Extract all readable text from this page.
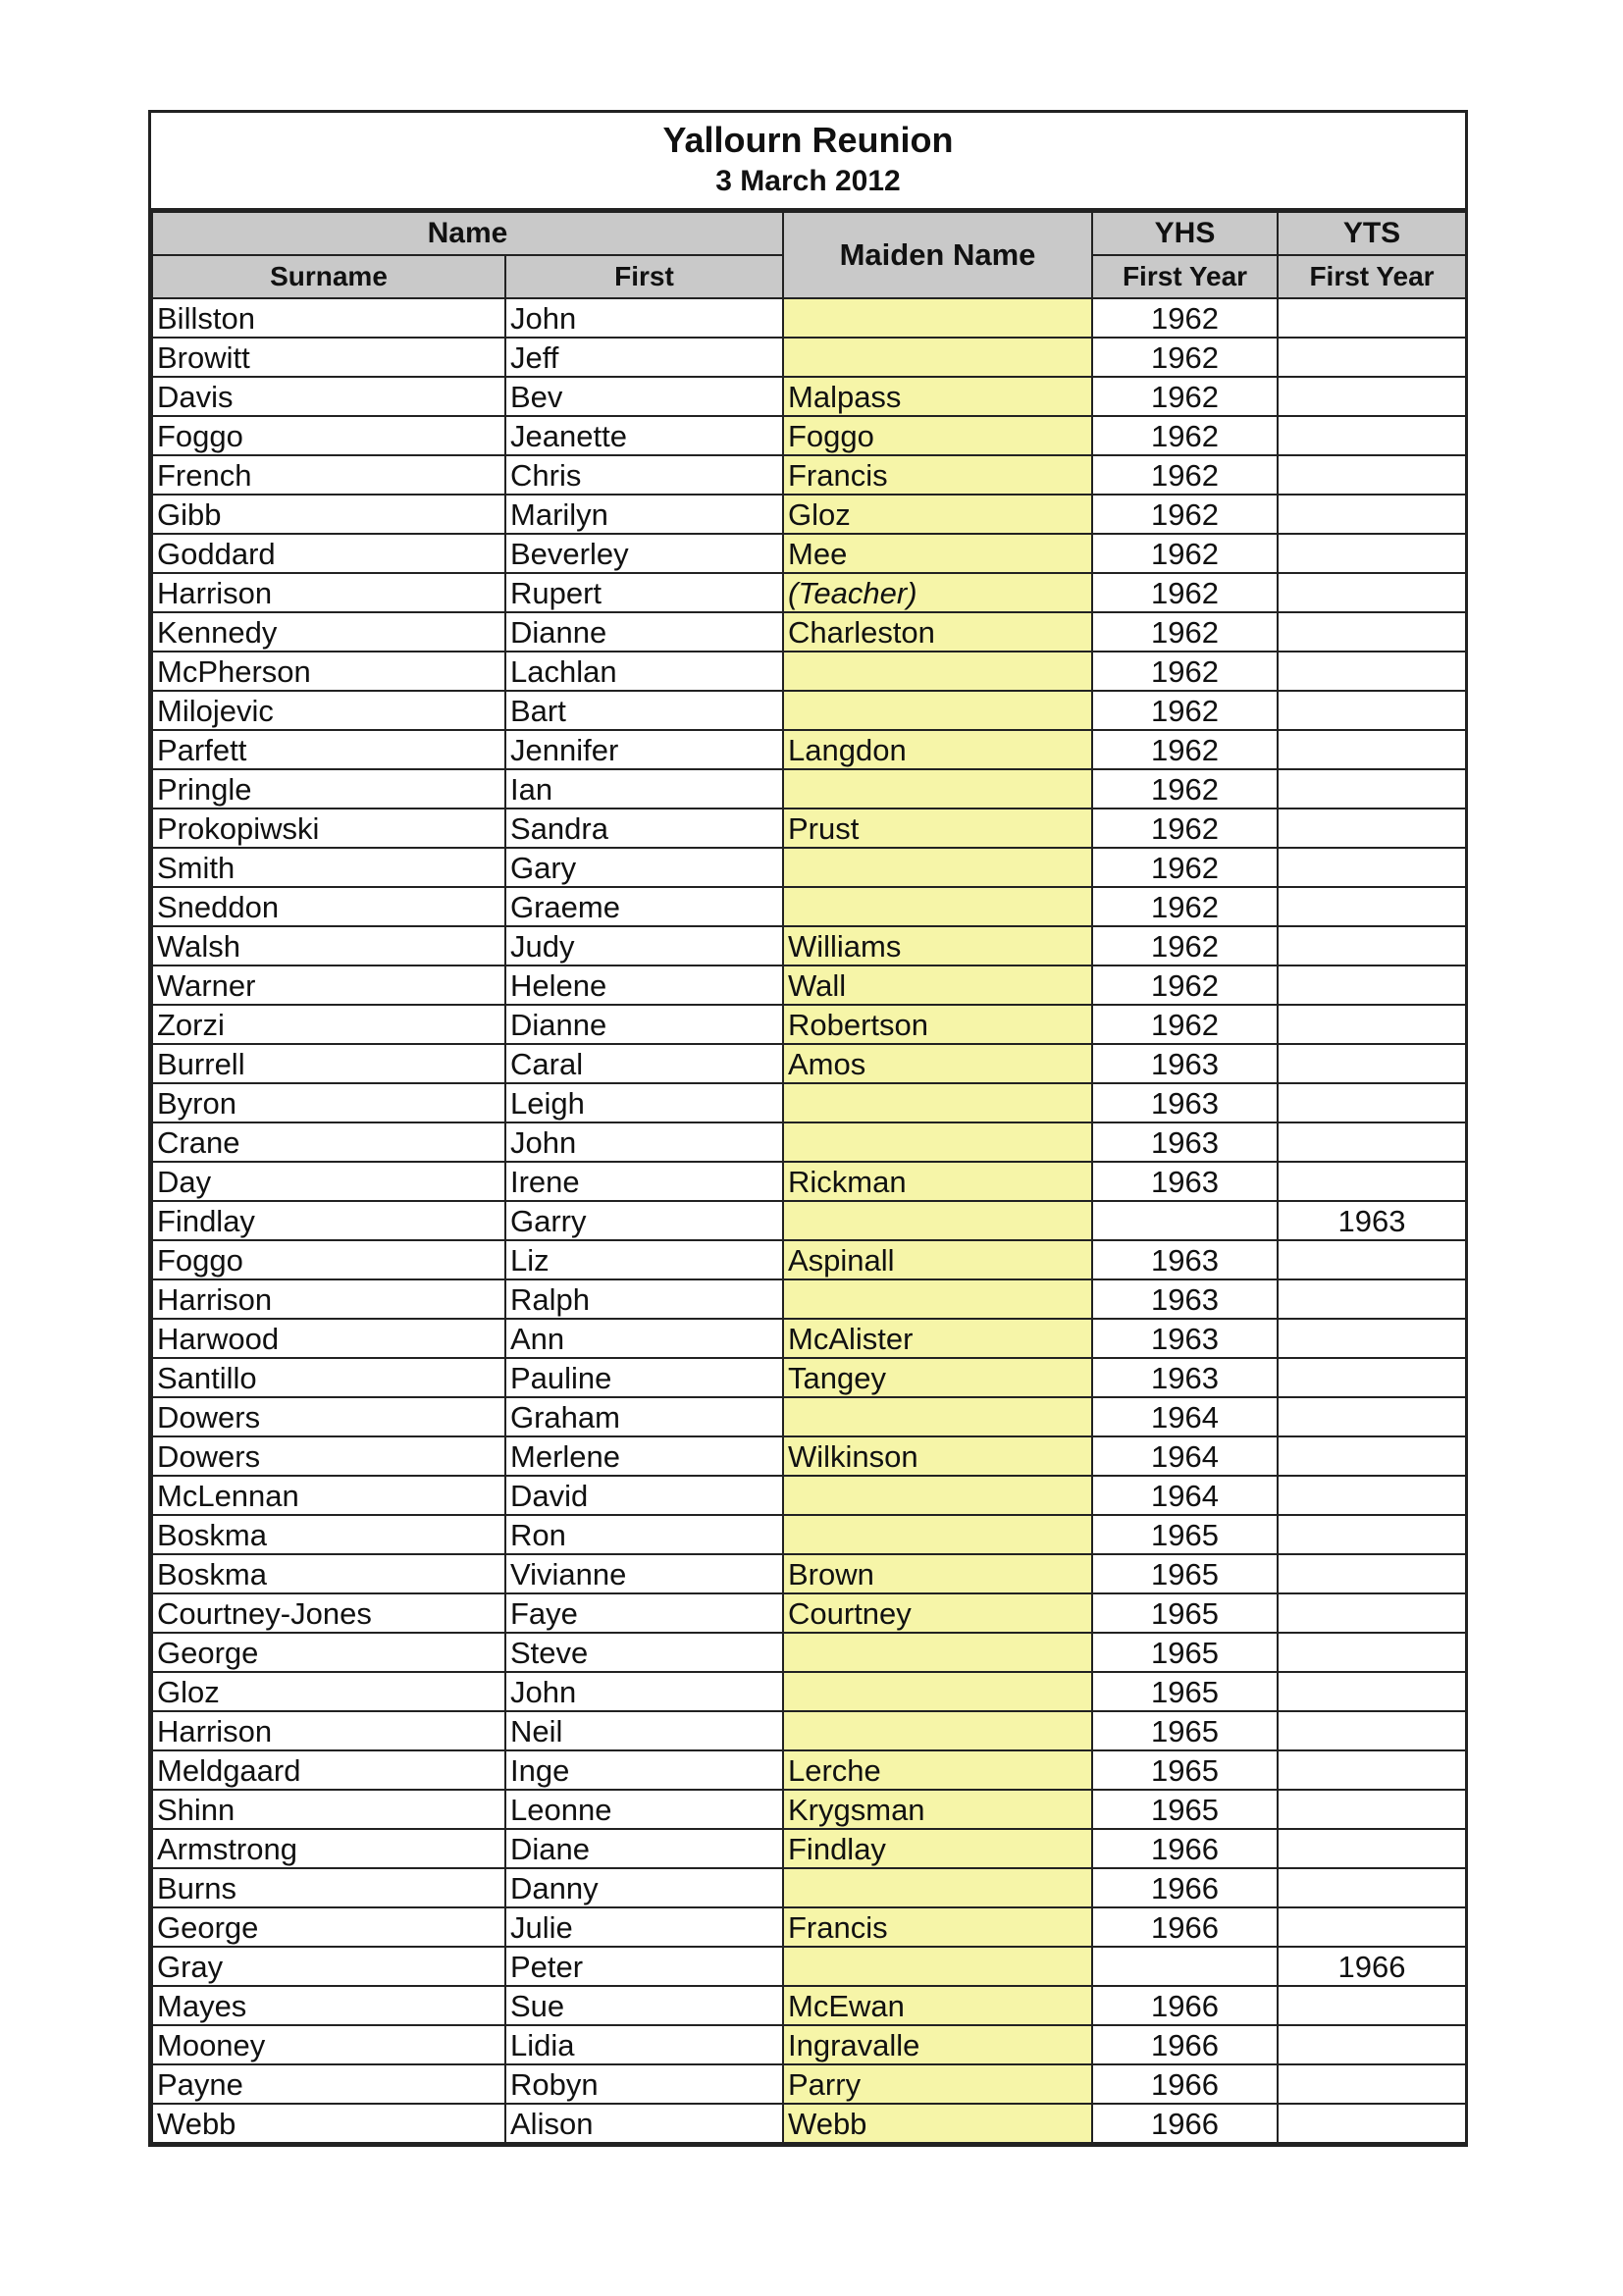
Yallourn Reunion
3 March 2012
Name		Maiden Name	YHS	YTS
Surname	First		First Year	First Year
Billston	John		1962	
Browitt	Jeff		1962	
Davis	Bev	Malpass	1962	
Foggo	Jeanette	Foggo	1962	
French	Chris	Francis	1962	
Gibb	Marilyn	Gloz	1962	
Goddard	Beverley	Mee	1962	
Harrison	Rupert	(Teacher)	1962	
Kennedy	Dianne	Charleston	1962	
McPherson	Lachlan		1962	
Milojevic	Bart		1962	
Parfett	Jennifer	Langdon	1962	
Pringle	Ian		1962	
Prokopiwski	Sandra	Prust	1962	
Smith	Gary		1962	
Sneddon	Graeme		1962	
Walsh	Judy	Williams	1962	
Warner	Helene	Wall	1962	
Zorzi	Dianne	Robertson	1962	
Burrell	Caral	Amos	1963	
Byron	Leigh		1963	
Crane	John		1963	
Day	Irene	Rickman	1963	
Findlay	Garry			1963
Foggo	Liz	Aspinall	1963	
Harrison	Ralph		1963	
Harwood	Ann	McAlister	1963	
Santillo	Pauline	Tangey	1963	
Dowers	Graham		1964	
Dowers	Merlene	Wilkinson	1964	
McLennan	David		1964	
Boskma	Ron		1965	
Boskma	Vivianne	Brown	1965	
Courtney-Jones	Faye	Courtney	1965	
George	Steve		1965	
Gloz	John		1965	
Harrison	Neil		1965	
Meldgaard	Inge	Lerche	1965	
Shinn	Leonne	Krygsman	1965	
Armstrong	Diane	Findlay	1966	
Burns	Danny		1966	
George	Julie	Francis	1966	
Gray	Peter			1966
Mayes	Sue	McEwan	1966	
Mooney	Lidia	Ingravalle	1966	
Payne	Robyn	Parry	1966	
Webb	Alison	Webb	1966	
